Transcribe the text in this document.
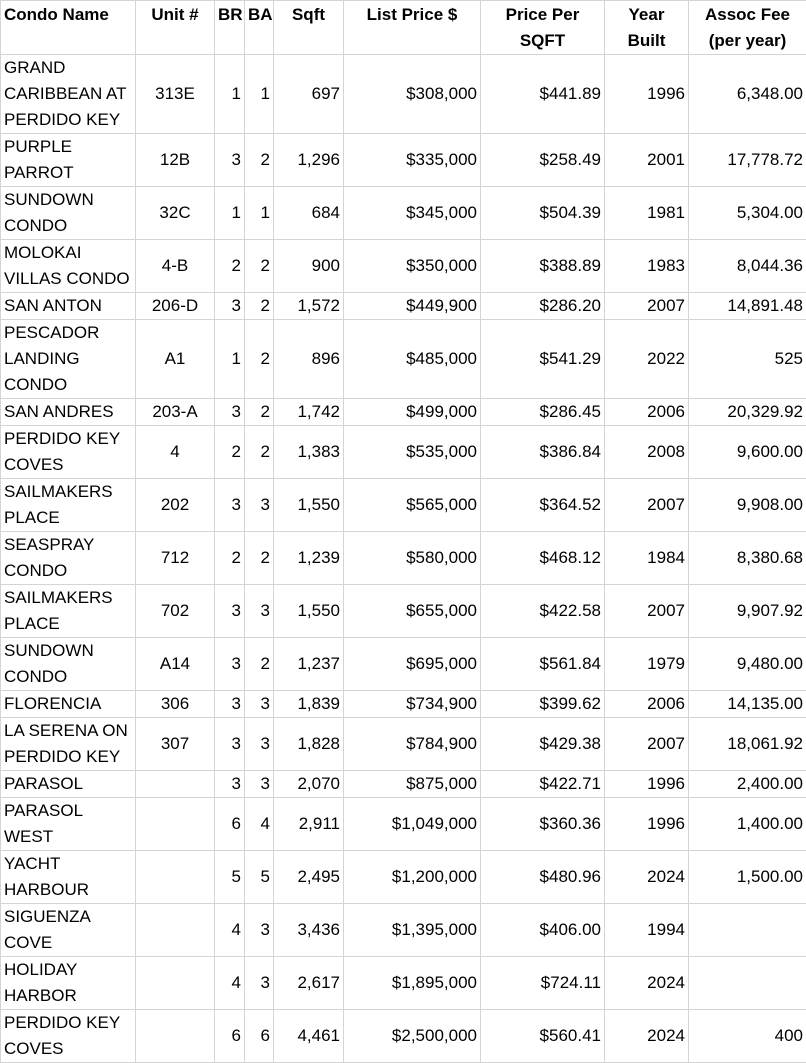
Condo Name	Unit #	BR	BA	Sqft	List Price $	Price Per SQFT	Year Built	Assoc Fee (per year)
GRAND CARIBBEAN AT PERDIDO KEY	313E	1	1	697	$308,000	$441.89	1996	6,348.00
PURPLE PARROT	12B	3	2	1,296	$335,000	$258.49	2001	17,778.72
SUNDOWN CONDO	32C	1	1	684	$345,000	$504.39	1981	5,304.00
MOLOKAI VILLAS CONDO	4-B	2	2	900	$350,000	$388.89	1983	8,044.36
SAN ANTON	206-D	3	2	1,572	$449,900	$286.20	2007	14,891.48
PESCADOR LANDING CONDO	A1	1	2	896	$485,000	$541.29	2022	525
SAN ANDRES	203-A	3	2	1,742	$499,000	$286.45	2006	20,329.92
PERDIDO KEY COVES	4	2	2	1,383	$535,000	$386.84	2008	9,600.00
SAILMAKERS PLACE	202	3	3	1,550	$565,000	$364.52	2007	9,908.00
SEASPRAY CONDO	712	2	2	1,239	$580,000	$468.12	1984	8,380.68
SAILMAKERS PLACE	702	3	3	1,550	$655,000	$422.58	2007	9,907.92
SUNDOWN CONDO	A14	3	2	1,237	$695,000	$561.84	1979	9,480.00
FLORENCIA	306	3	3	1,839	$734,900	$399.62	2006	14,135.00
LA SERENA ON PERDIDO KEY	307	3	3	1,828	$784,900	$429.38	2007	18,061.92
PARASOL		3	3	2,070	$875,000	$422.71	1996	2,400.00
PARASOL WEST		6	4	2,911	$1,049,000	$360.36	1996	1,400.00
YACHT HARBOUR		5	5	2,495	$1,200,000	$480.96	2024	1,500.00
SIGUENZA COVE		4	3	3,436	$1,395,000	$406.00	1994	
HOLIDAY HARBOR		4	3	2,617	$1,895,000	$724.11	2024	
PERDIDO KEY COVES		6	6	4,461	$2,500,000	$560.41	2024	400
